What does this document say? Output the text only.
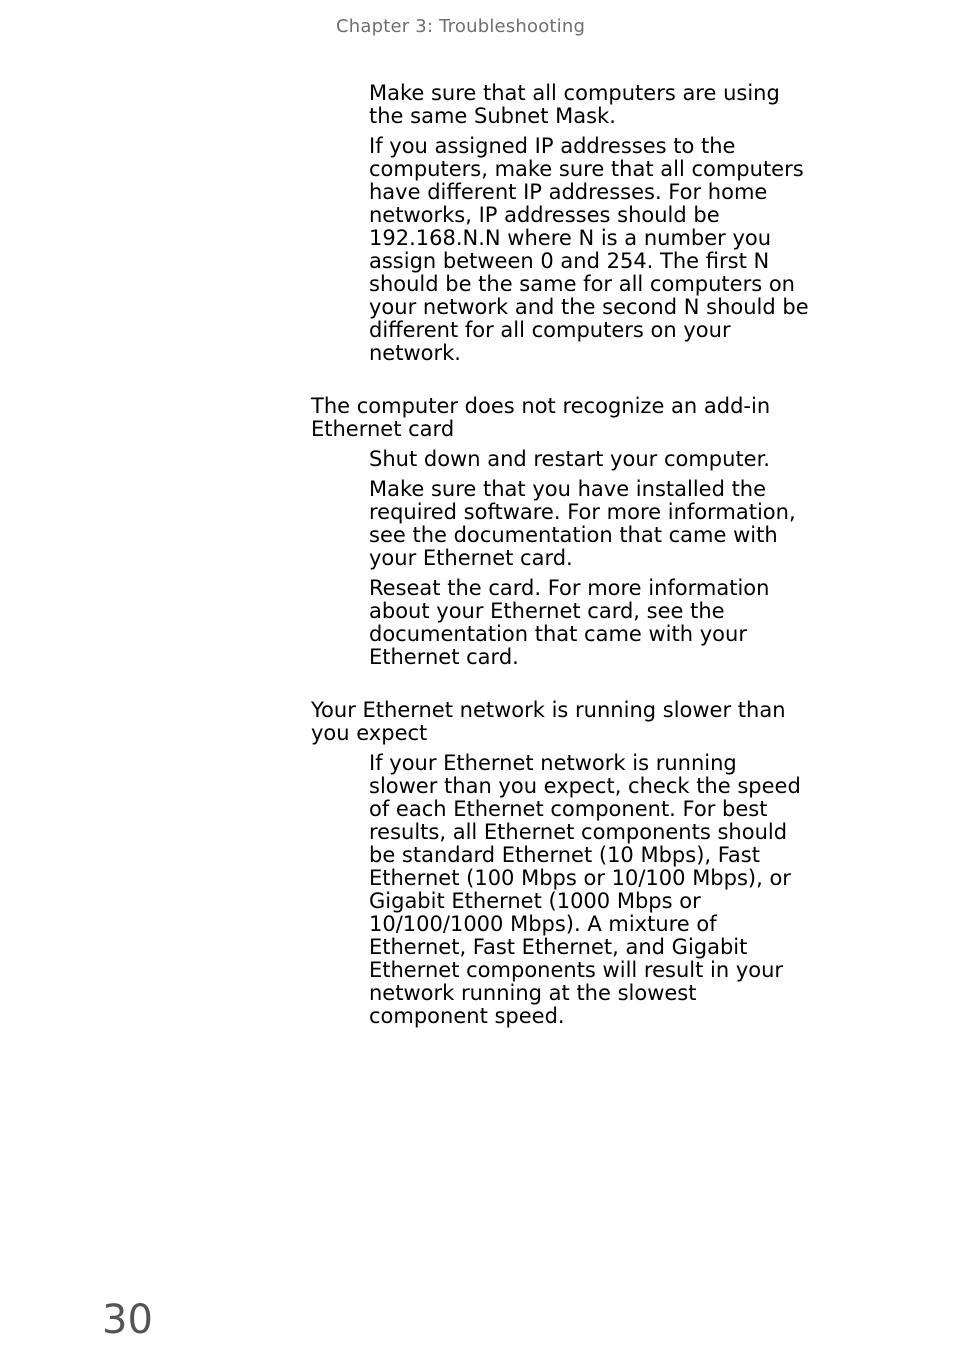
Chapter 3: Troubleshooting

Make sure that all computers are using the same Subnet Mask.

If you assigned IP addresses to the computers, make sure that all computers have different IP addresses. For home networks, IP addresses should be 192.168.N.N where N is a number you assign between 0 and 254. The first N should be the same for all computers on your network and the second N should be different for all computers on your network.

The computer does not recognize an add-in Ethernet card

Shut down and restart your computer.

Make sure that you have installed the required software. For more information, see the documentation that came with your Ethernet card.

Reseat the card. For more information about your Ethernet card, see the documentation that came with your Ethernet card.

Your Ethernet network is running slower than you expect

If your Ethernet network is running slower than you expect, check the speed of each Ethernet component. For best results, all Ethernet components should be standard Ethernet (10 Mbps), Fast Ethernet (100 Mbps or 10/100 Mbps), or Gigabit Ethernet (1000 Mbps or 10/100/1000 Mbps). A mixture of Ethernet, Fast Ethernet, and Gigabit Ethernet components will result in your network running at the slowest component speed.

30
